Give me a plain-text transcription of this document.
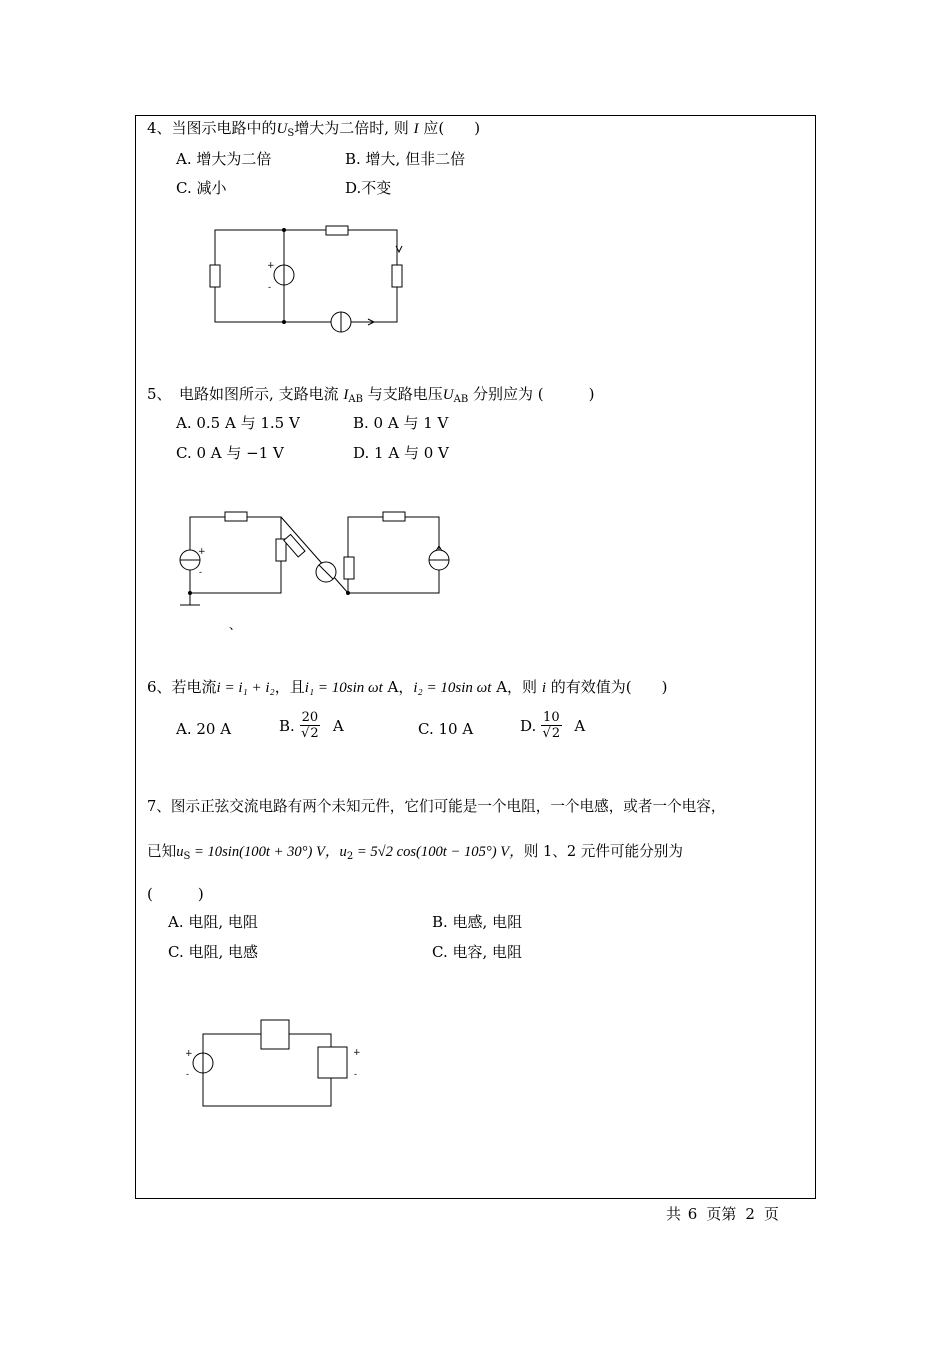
4、当图示电路中的$U_S$增大为二倍时, 则 I 应(　　)
A. 增大为二倍	B. 增大, 但非二倍
C. 减小	D.不变
+
-
5、　电路如图所示, 支路电流 $I_{AB}$ 与支路电压$U_{AB}$ 分别应为 (　　　)
A. 0.5 A 与 1.5 V	B. 0 A 与 1 V
C. 0 A 与 −1 V	D. 1 A 与 0 V
+
-
、
6、若电流i = i₁ + i₂，且i₁ = 10sin ωt A，i₂ = 10sin ωt A，则 i 的有效值为(　　)
A. 20 A	B. $\frac{20}{√2}$ A	C. 10 A	D. $\frac{10}{√2}$ A
7、图示正弦交流电路有两个未知元件，它们可能是一个电阻，一个电感，或者一个电容，
已知$u_S = 10\sin(100t + 30^\circ)$ V，$u_2 = 5√2$ cos(100t − 105°) V，则 1、2 元件可能分别为
(　　　)
A. 电阻, 电阻	B. 电感, 电阻
C. 电阻, 电感	C. 电容, 电阻
+
-
+
-
共 6 页第 2 页
